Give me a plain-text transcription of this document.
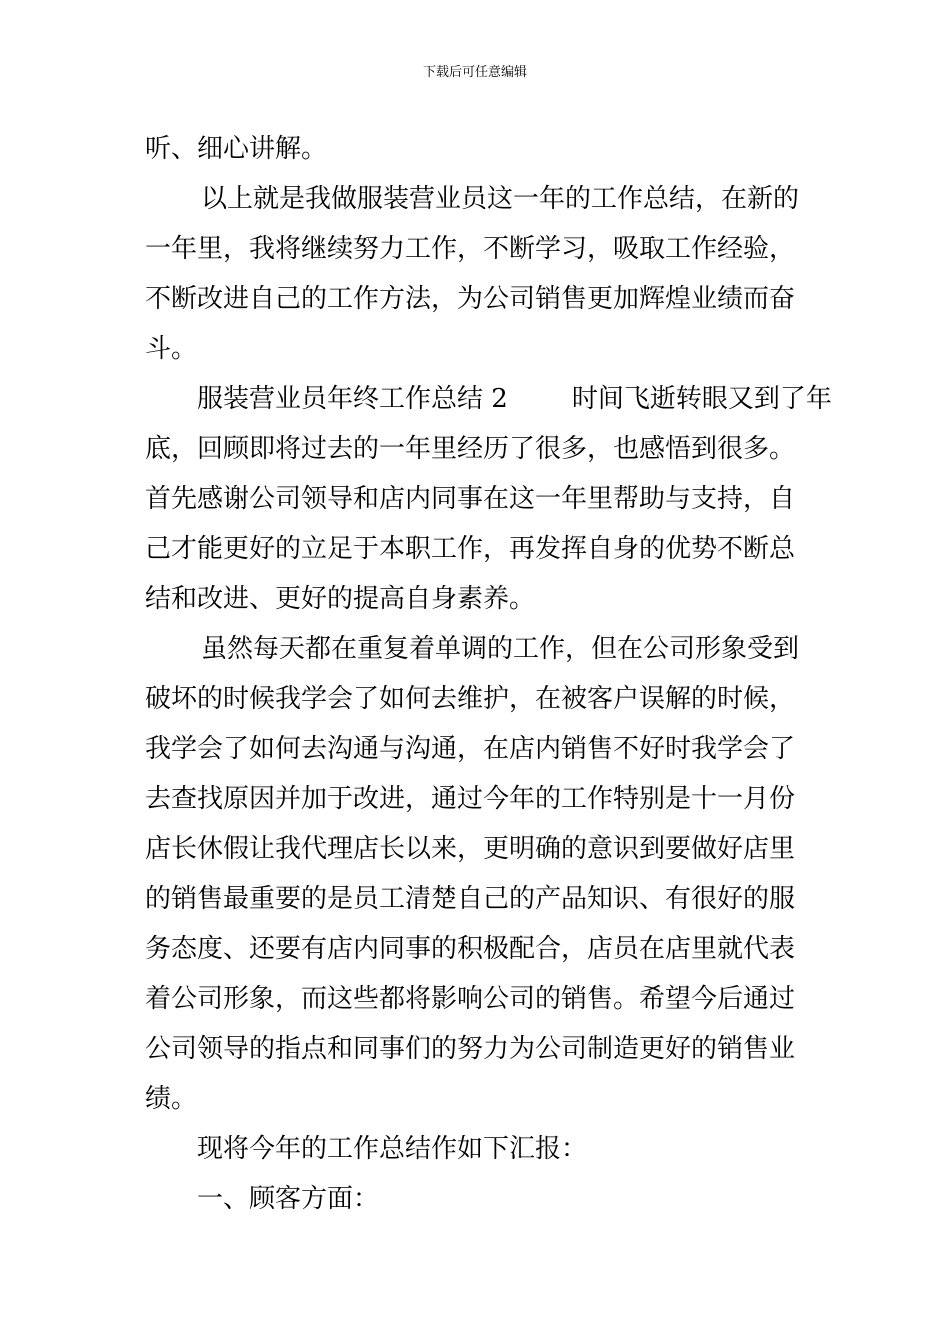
下载后可任意编辑
听、细心讲解。
以上就是我做服装营业员这一年的工作总结，在新的
一年里，我将继续努力工作，不断学习，吸取工作经验，
不断改进自己的工作方法，为公司销售更加辉煌业绩而奋
斗。
服装营业员年终工作总结 2 时间飞逝转眼又到了年
底，回顾即将过去的一年里经历了很多，也感悟到很多。
首先感谢公司领导和店内同事在这一年里帮助与支持，自
己才能更好的立足于本职工作，再发挥自身的优势不断总
结和改进、更好的提高自身素养。
虽然每天都在重复着单调的工作，但在公司形象受到
破坏的时候我学会了如何去维护，在被客户误解的时候，
我学会了如何去沟通与沟通，在店内销售不好时我学会了
去查找原因并加于改进，通过今年的工作特别是十一月份
店长休假让我代理店长以来，更明确的意识到要做好店里
的销售最重要的是员工清楚自己的产品知识、有很好的服
务态度、还要有店内同事的积极配合，店员在店里就代表
着公司形象，而这些都将影响公司的销售。希望今后通过
公司领导的指点和同事们的努力为公司制造更好的销售业
绩。
现将今年的工作总结作如下汇报：
一、顾客方面：
